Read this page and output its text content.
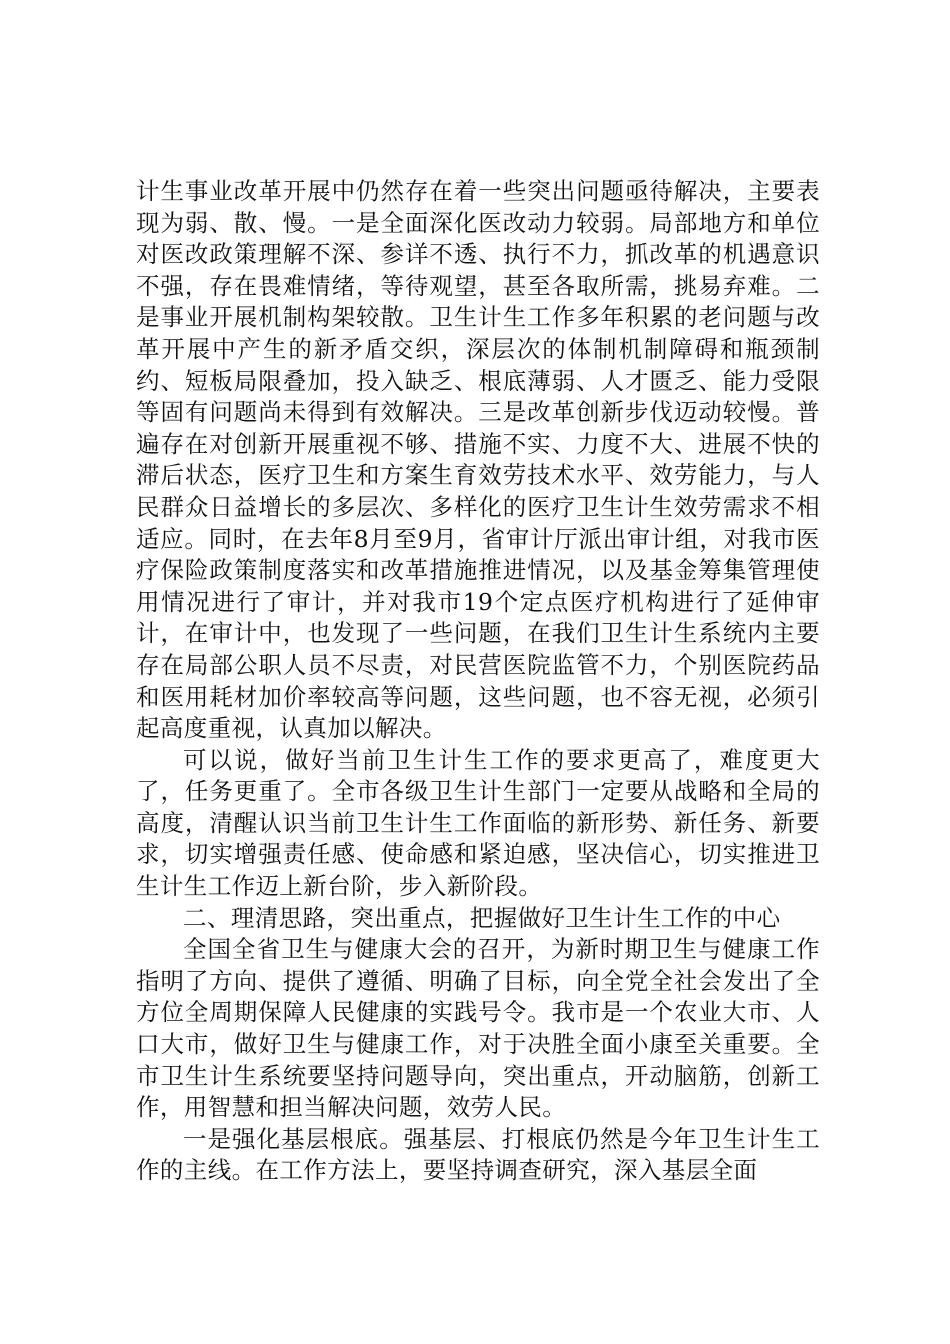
计生事业改革开展中仍然存在着一些突出问题亟待解决，主要表现为弱、散、慢。一是全面深化医改动力较弱。局部地方和单位对医改政策理解不深、参详不透、执行不力，抓改革的机遇意识不强，存在畏难情绪，等待观望，甚至各取所需，挑易弃难。二是事业开展机制构架较散。卫生计生工作多年积累的老问题与改革开展中产生的新矛盾交织，深层次的体制机制障碍和瓶颈制约、短板局限叠加，投入缺乏、根底薄弱、人才匮乏、能力受限等固有问题尚未得到有效解决。三是改革创新步伐迈动较慢。普遍存在对创新开展重视不够、措施不实、力度不大、进展不快的滞后状态，医疗卫生和方案生育效劳技术水平、效劳能力，与人民群众日益增长的多层次、多样化的医疗卫生计生效劳需求不相适应。同时，在去年8月至9月，省审计厅派出审计组，对我市医疗保险政策制度落实和改革措施推进情况，以及基金筹集管理使用情况进行了审计，并对我市19个定点医疗机构进行了延伸审计，在审计中，也发现了一些问题，在我们卫生计生系统内主要存在局部公职人员不尽责，对民营医院监管不力，个别医院药品和医用耗材加价率较高等问题，这些问题，也不容无视，必须引起高度重视，认真加以解决。

可以说，做好当前卫生计生工作的要求更高了，难度更大了，任务更重了。全市各级卫生计生部门一定要从战略和全局的高度，清醒认识当前卫生计生工作面临的新形势、新任务、新要求，切实增强责任感、使命感和紧迫感，坚决信心，切实推进卫生计生工作迈上新台阶，步入新阶段。

二、理清思路，突出重点，把握做好卫生计生工作的中心

全国全省卫生与健康大会的召开，为新时期卫生与健康工作指明了方向、提供了遵循、明确了目标，向全党全社会发出了全方位全周期保障人民健康的实践号令。我市是一个农业大市、人口大市，做好卫生与健康工作，对于决胜全面小康至关重要。全市卫生计生系统要坚持问题导向，突出重点，开动脑筋，创新工作，用智慧和担当解决问题，效劳人民。

一是强化基层根底。强基层、打根底仍然是今年卫生计生工作的主线。在工作方法上，要坚持调查研究，深入基层全面
